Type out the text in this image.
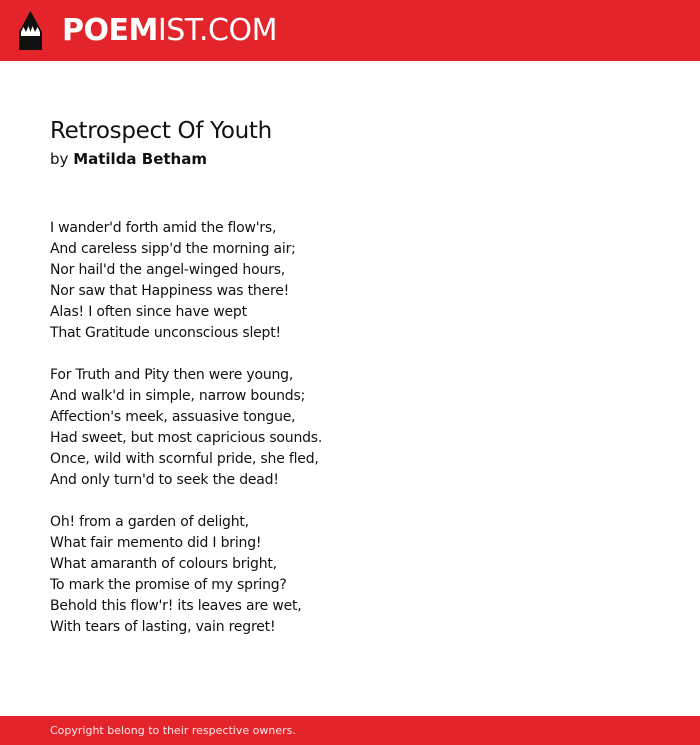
POEMIST.COM
Retrospect Of Youth
by Matilda Betham
I wander'd forth amid the flow'rs,
And careless sipp'd the morning air;
Nor hail'd the angel-winged hours,
Nor saw that Happiness was there!
Alas! I often since have wept
That Gratitude unconscious slept!
For Truth and Pity then were young,
And walk'd in simple, narrow bounds;
Affection's meek, assuasive tongue,
Had sweet, but most capricious sounds.
Once, wild with scornful pride, she fled,
And only turn'd to seek the dead!
Oh! from a garden of delight,
What fair memento did I bring!
What amaranth of colours bright,
To mark the promise of my spring?
Behold this flow'r! its leaves are wet,
With tears of lasting, vain regret!
Copyright belong to their respective owners.
